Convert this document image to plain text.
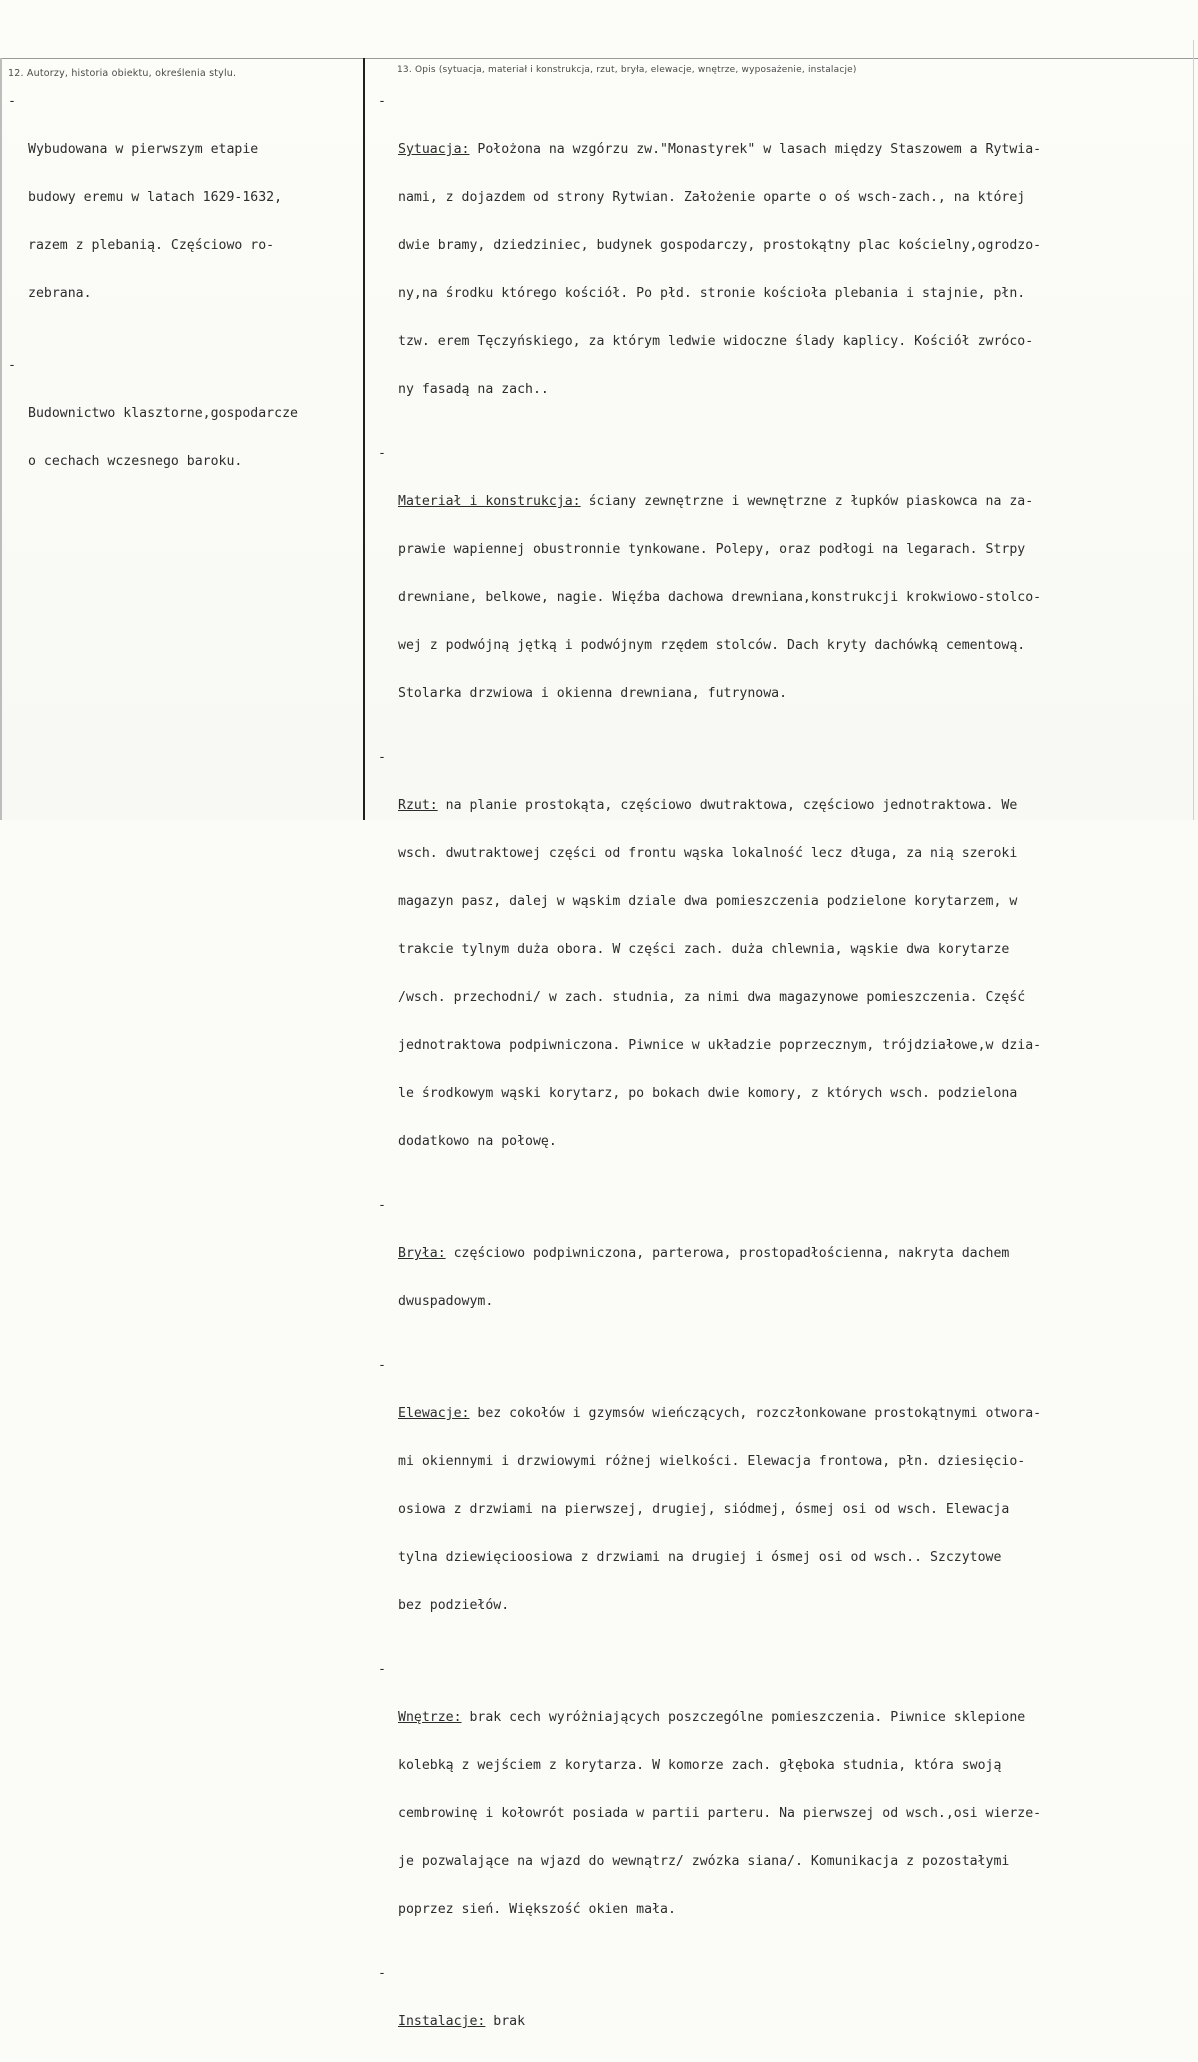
12. Autorzy, historia obiektu, określenia stylu.	13. Opis (sytuacja, materiał i konstrukcja, rzut, bryła, elewacje, wnętrze, wyposażenie, instalacje)

-

Wybudowana w pierwszym etapie

budowy eremu w latach 1629-1632,

razem z plebanią. Częściowo ro-

zebrana.

-

Budownictwo klasztorne,gospodarcze

o cechach wczesnego baroku.

-

Sytuacja: Położona na wzgórzu zw."Monastyrek" w lasach między Staszowem a Rytwia-

nami, z dojazdem od strony Rytwian. Założenie oparte o oś wsch-zach., na której

dwie bramy, dziedziniec, budynek gospodarczy, prostokątny plac kościelny,ogrodzo-

ny,na środku którego kościół. Po płd. stronie kościoła plebania i stajnie, płn.

tzw. erem Tęczyńskiego, za którym ledwie widoczne ślady kaplicy. Kościół zwróco-

ny fasadą na zach..

-

Materiał i konstrukcja: ściany zewnętrzne i wewnętrzne z łupków piaskowca na za-

prawie wapiennej obustronnie tynkowane. Polepy, oraz podłogi na legarach. Strpy

drewniane, belkowe, nagie. Więźba dachowa drewniana,konstrukcji krokwiowo-stolco-

wej z podwójną jętką i podwójnym rzędem stolców. Dach kryty dachówką cementową.

Stolarka drzwiowa i okienna drewniana, futrynowa.

-

Rzut: na planie prostokąta, częściowo dwutraktowa, częściowo jednotraktowa. We

wsch. dwutraktowej części od frontu wąska lokalność lecz długa, za nią szeroki

magazyn pasz, dalej w wąskim dziale dwa pomieszczenia podzielone korytarzem, w

trakcie tylnym duża obora. W części zach. duża chlewnia, wąskie dwa korytarze

/wsch. przechodni/ w zach. studnia, za nimi dwa magazynowe pomieszczenia. Część

jednotraktowa podpiwniczona. Piwnice w układzie poprzecznym, trójdziałowe,w dzia-

le środkowym wąski korytarz, po bokach dwie komory, z których wsch. podzielona

dodatkowo na połowę.

-

Bryła: częściowo podpiwniczona, parterowa, prostopadłościenna, nakryta dachem

dwuspadowym.

-

Elewacje: bez cokołów i gzymsów wieńczących, rozczłonkowane prostokątnymi otwora-

mi okiennymi i drzwiowymi różnej wielkości. Elewacja frontowa, płn. dziesięcio-

osiowa z drzwiami na pierwszej, drugiej, siódmej, ósmej osi od wsch. Elewacja

tylna dziewięcioosiowa z drzwiami na drugiej i ósmej osi od wsch.. Szczytowe

bez podziełów.

-

Wnętrze: brak cech wyróżniających poszczególne pomieszczenia. Piwnice sklepione

kolebką z wejściem z korytarza. W komorze zach. głęboka studnia, która swoją

cembrowinę i kołowrót posiada w partii parteru. Na pierwszej od wsch.,osi wierze-

je pozwalające na wjazd do wewnątrz/ zwózka siana/. Komunikacja z pozostałymi

poprzez sień. Większość okien mała.

-

Instalacje: brak
